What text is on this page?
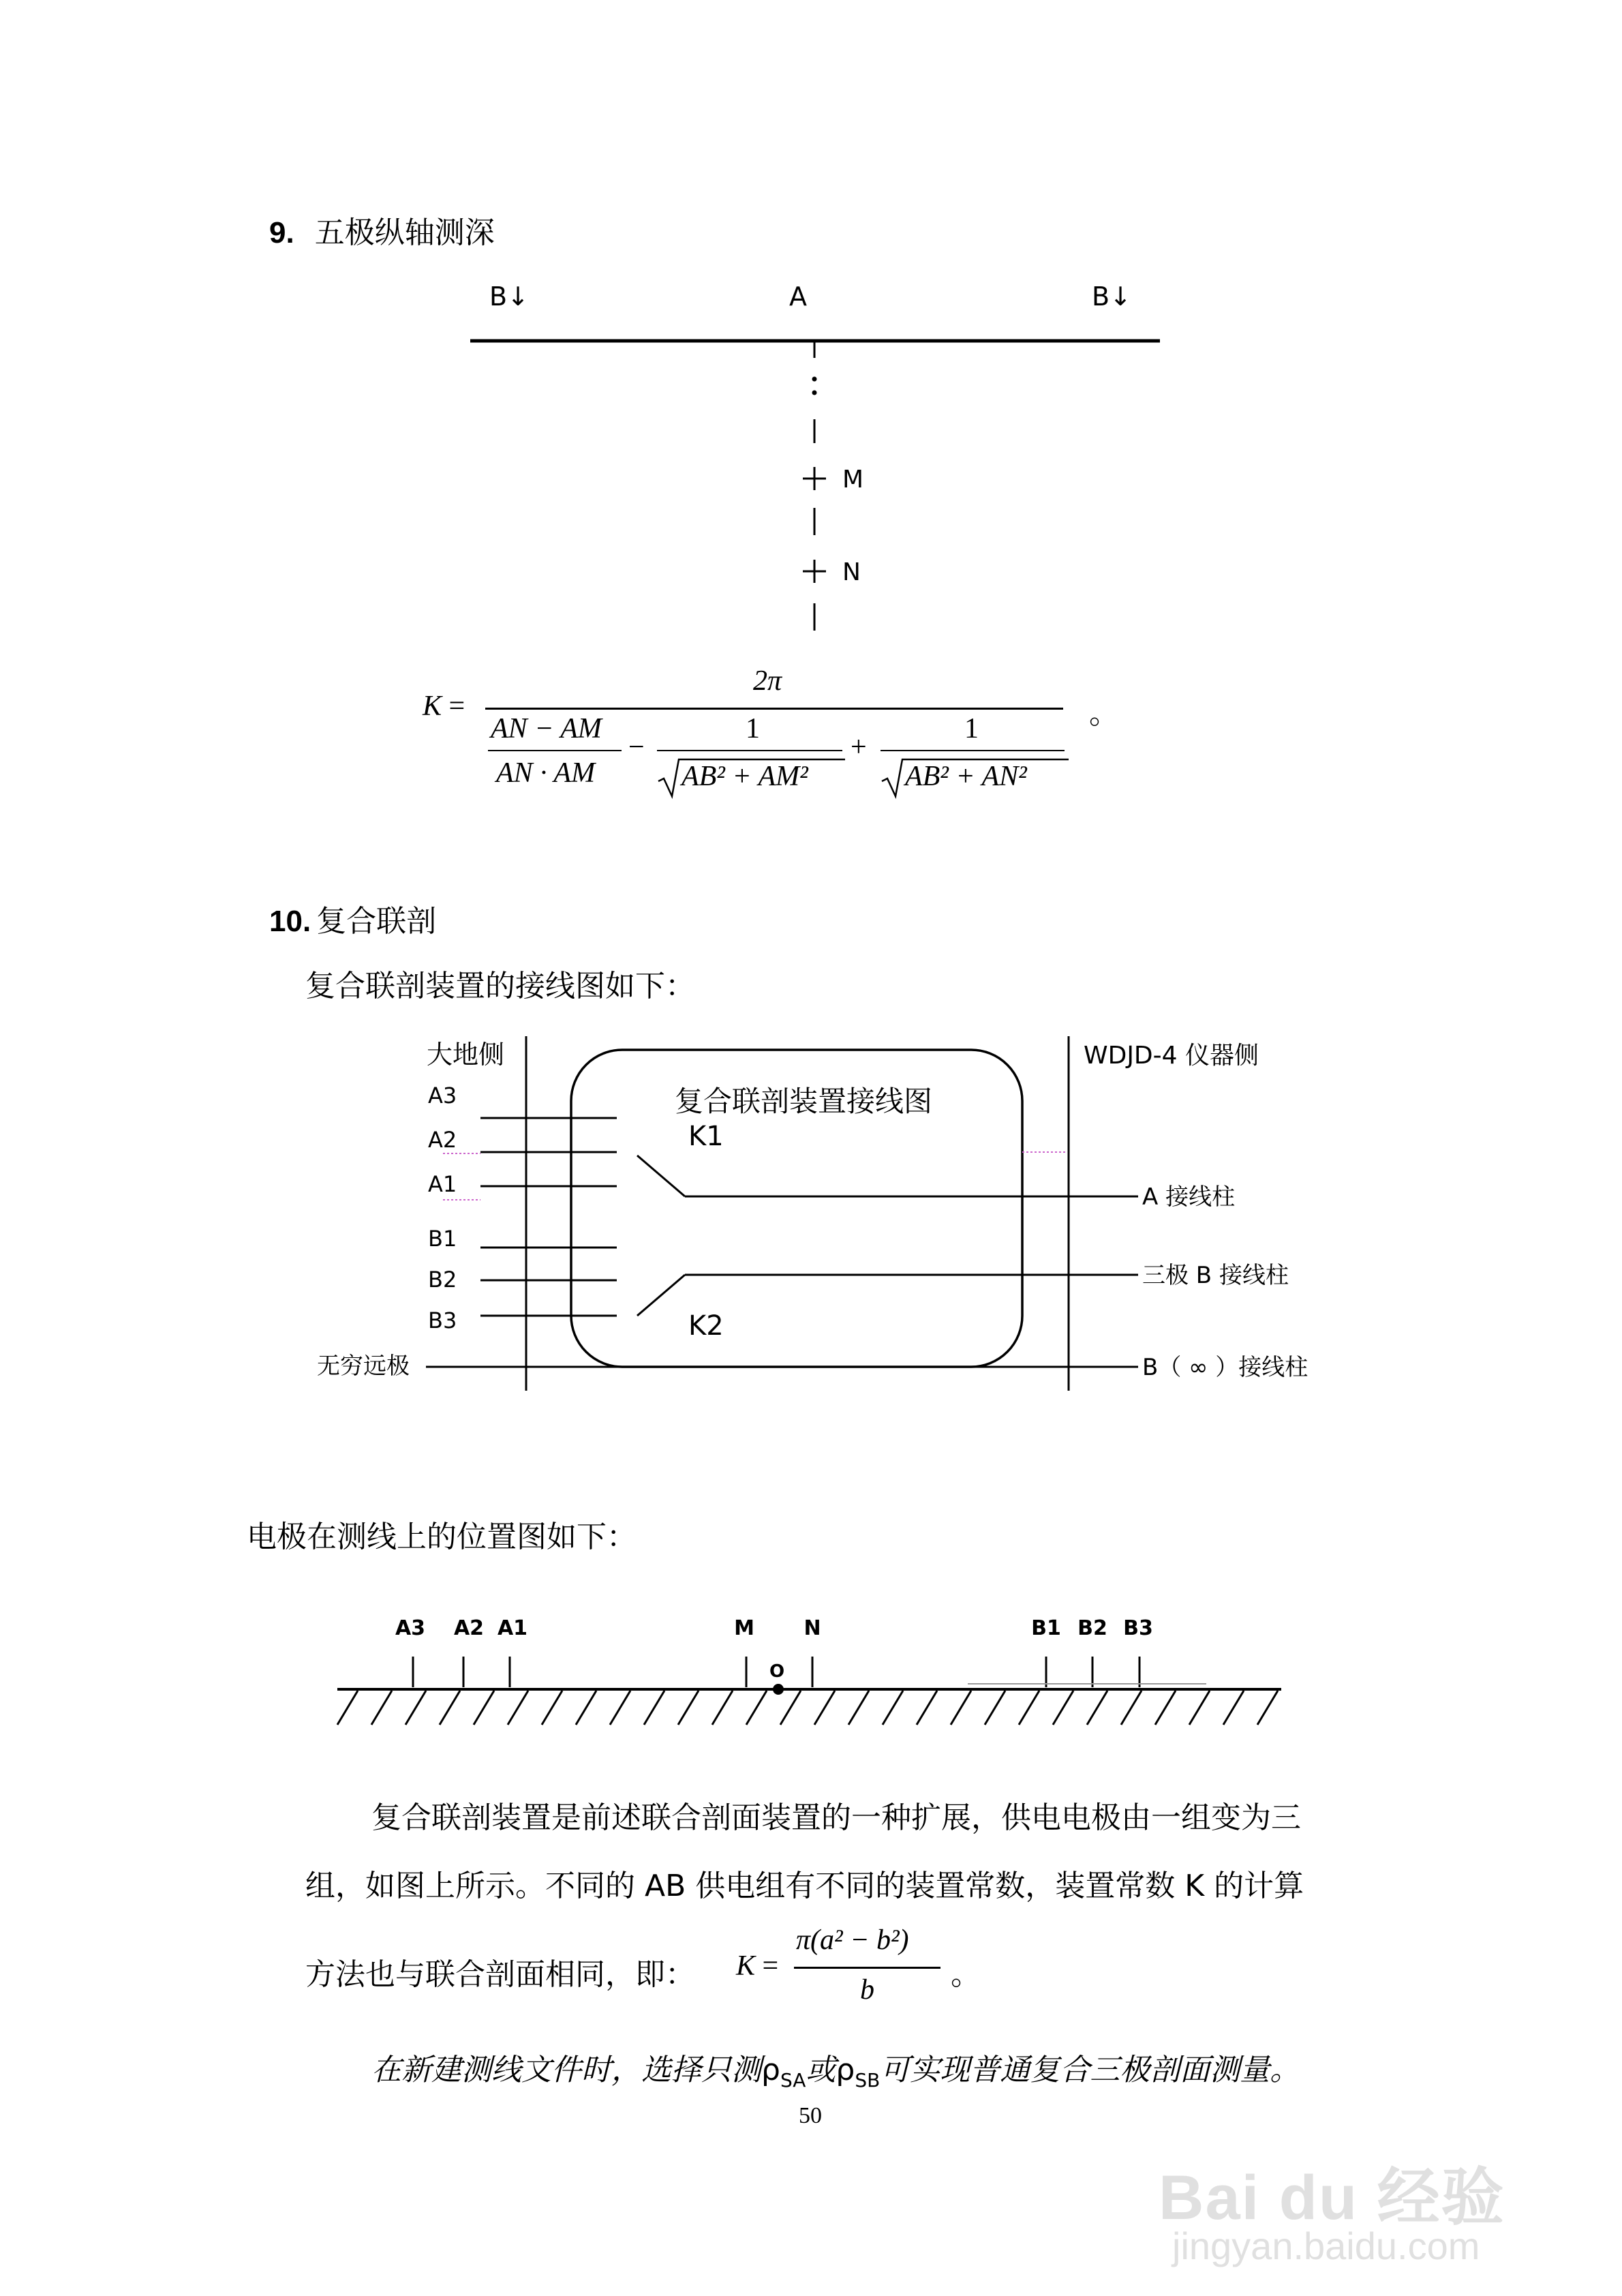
9. 五极纵轴测深
B↓	A	B↓
M
N
K =
2π
AN − AM
AN · AM
−
1
AB² + AM²
+
1
AB² + AN²
。
10. 复合联剖
复合联剖装置的接线图如下：
大地侧	WDJD-4 仪器侧
复合联剖装置接线图
A3
A2
A1
B1
B2
B3
无穷远极
K1
A 接线柱
K2
三极 B 接线柱
B（ ∞ ）接线柱
电极在测线上的位置图如下：
A3 A2 A1	M N
O
B1 B2 B3
复合联剖装置是前述联合剖面装置的一种扩展，供电电极由一组变为三
组，如图上所示。不同的 AB 供电组有不同的装置常数，装置常数 K 的计算
方法也与联合剖面相同，即： K =
π(a² − b²)
b	。
在新建测线文件时，选择只测$\rho_{SA}$或$\rho_{SB}$可实现普通复合三极剖面测量。
50
Bai du 经验
jingyan.baidu.com
